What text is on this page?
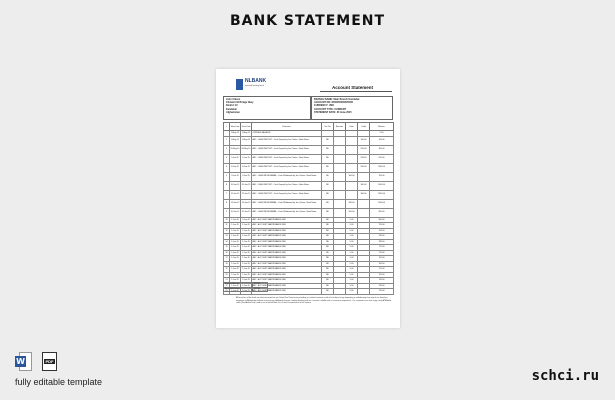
BANK STATEMENT
NLBANK
national lending bank	Account Statement
John Citizen
Chinanti 18 Bridge Navy
District 10
Kandahar
Afghanistan
BRANCH NAME: Main Branch Kandahar
ACCOUNT NO: 8000350000025000
CURRENCY: USD
ACCOUNT TYPE: CURRENT
STATEMENT DATE: 30 June 2015
#	Value Date	Trans Date	Particulars	Doc No	Narrative	Debit	Credit	Balance
	1-May-15	1-May-15	OPENING BALANCE					5.00
1	1-May-15	1-May-15	ABC - CASH DEPOSIT - Cash Deposit by Jon Citizen - Bank Notes	ND			100.00	105.00
2	20-May-15	20-May-15	ABC - CASH DEPOSIT - Cash Deposit by Jon Citizen - Bank Notes	ND			200.00	305.00
3	5-Jun-15	5-Jun-15	ABC - CASH DEPOSIT - Cash Deposit by Jon Citizen - Bank Notes	ND			200.00	505.00
4	8-Jun-15	8-Jun-15	ABC - CASH DEPOSIT - Cash Deposit by Jon Citizen - Bank Notes	ND			500.00	1005.00
5	9-Jun-15	9-Jun-15	ABC - CASH WITHDRAWAL - Cash Withdrawal by Jon Citizen - Bank Notes	ND		300.00		705.00
6	10-Jun-15	10-Jun-15	ABC - CASH DEPOSIT - Cash Deposit by Jon Citizen - Bank Notes	ND			300.00	1005.00
7	12-Jun-15	12-Jun-15	ABC - CASH DEPOSIT - Cash Deposit by Jon Citizen - Bank Notes	ND			300.00	1305.00
8	13-Jun-15	13-Jun-15	ABC - CASH WITHDRAWAL - Cash Withdrawal by Jon Citizen - Bank Notes	ND		300.00		1005.00
9	15-Jun-15	15-Jun-15	ABC - CASH WITHDRAWAL - Cash Withdrawal by Jon Citizen - Bank Notes	ND		200.00		805.00
10	1-Jun-15	1-Jun-15	ABC - ACCOUNT MAINTENANCE FEE	ND		5.00		800.00
11	1-Jun-15	1-Jun-15	ABC - ACCOUNT MAINTENANCE FEE	ND		5.00		795.00
12	1-Jun-15	1-Jun-15	ABC - ACCOUNT MAINTENANCE FEE	ND		5.00		790.00
13	1-Jun-15	1-Jun-15	ABC - ACCOUNT MAINTENANCE FEE	ND		5.00		785.00
14	1-Jun-15	1-Jun-15	ABC - ACCOUNT MAINTENANCE FEE	ND		5.00		780.00
15	1-Jun-15	1-Jun-15	ABC - ACCOUNT MAINTENANCE FEE	ND		5.00		775.00
16	1-Jun-15	1-Jun-15	ABC - ACCOUNT MAINTENANCE FEE	ND		5.00		770.00
17	1-Jun-15	1-Jun-15	ABC - ACCOUNT MAINTENANCE FEE	ND		5.00		765.00
18	1-Jun-15	1-Jun-15	ABC - ACCOUNT MAINTENANCE FEE	ND		5.00		760.00
19	1-Jun-15	1-Jun-15	ABC - ACCOUNT MAINTENANCE FEE	ND		5.00		755.00
20	1-Jun-15	1-Jun-15	ABC - ACCOUNT MAINTENANCE FEE	ND		5.00		750.00
21	1-Jun-15	1-Jun-15	ABC - ACCOUNT MAINTENANCE FEE	ND		5.00		745.00
22	1-Jun-15	1-Jun-15	ABC - ACCOUNT MAINTENANCE FEE	ND		5.00		740.00
23	1-Jun-15	1-Jun-15	ABC - ACCOUNT MAINTENANCE FEE	ND		5.00		735.00
Current Balance	935.00
Available Balance	935.00
All branches of the bank are interconnected via an Online Real Time basis providing our valued customers with the facility of easy depositing or withdrawing from any of our branches anywhere in Afghanistan without incurring any additional charges, making banking with us a smooth, reliable and a convenient experience. Our customers can also enjoy using ATM/debit cards (Visa/Amex/Cash) and so as to benefit from the 24 hour convenience of this service.
W	PDF
fully editable template	schci.ru
